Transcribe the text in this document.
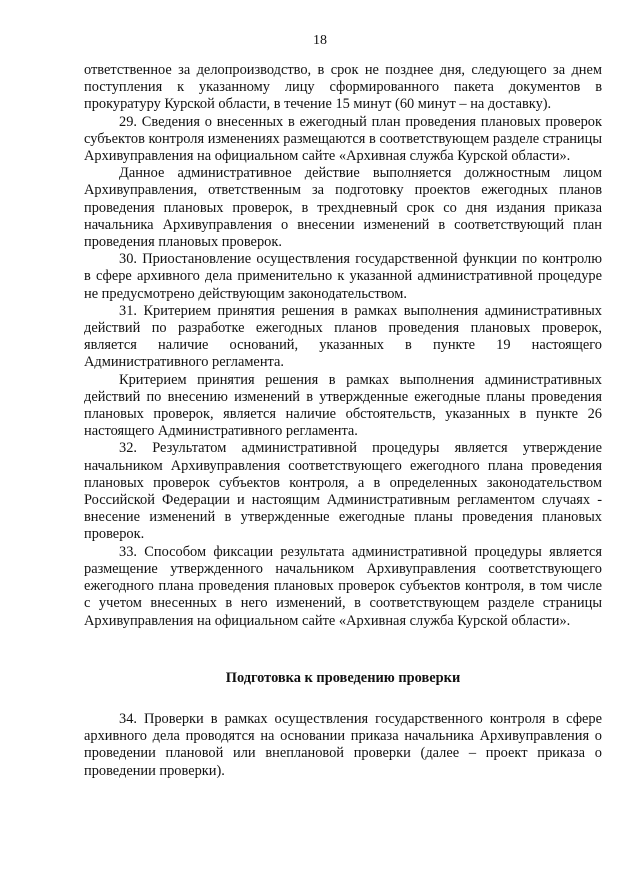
18

ответственное за делопроизводство, в срок не позднее дня, следующего за днем поступления к указанному лицу сформированного пакета документов в прокуратуру Курской области, в течение 15 минут (60 минут – на доставку).

29. Сведения о внесенных в ежегодный план проведения плановых проверок субъектов контроля изменениях размещаются в соответствующем разделе страницы Архивуправления на официальном сайте «Архивная служба Курской области».

Данное административное действие выполняется должностным лицом Архивуправления, ответственным за подготовку проектов ежегодных планов проведения плановых проверок, в трехдневный срок со дня издания приказа начальника Архивуправления о внесении изменений в соответствующий план проведения плановых проверок.

30. Приостановление осуществления государственной функции по контролю в сфере архивного дела применительно к указанной административной процедуре не предусмотрено действующим законодательством.

31. Критерием принятия решения в рамках выполнения административных действий по разработке ежегодных планов проведения плановых проверок, является наличие оснований, указанных в пункте 19 настоящего Административного регламента.

Критерием принятия решения в рамках выполнения административных действий по внесению изменений в утвержденные ежегодные планы проведения плановых проверок, является наличие обстоятельств, указанных в пункте 26 настоящего Административного регламента.

32. Результатом административной процедуры является утверждение начальником Архивуправления соответствующего ежегодного плана проведения плановых проверок субъектов контроля, а в определенных законодательством Российской Федерации и настоящим Административным регламентом случаях - внесение изменений в утвержденные ежегодные планы проведения плановых проверок.

33. Способом фиксации результата административной процедуры является размещение утвержденного начальником Архивуправления соответствующего ежегодного плана проведения плановых проверок субъектов контроля, в том числе с учетом внесенных в него изменений, в соответствующем разделе страницы Архивуправления на официальном сайте «Архивная служба Курской области».

Подготовка к проведению проверки

34. Проверки в рамках осуществления государственного контроля в сфере архивного дела проводятся на основании приказа начальника Архивуправления о проведении плановой или внеплановой проверки (далее – проект приказа о проведении проверки).
